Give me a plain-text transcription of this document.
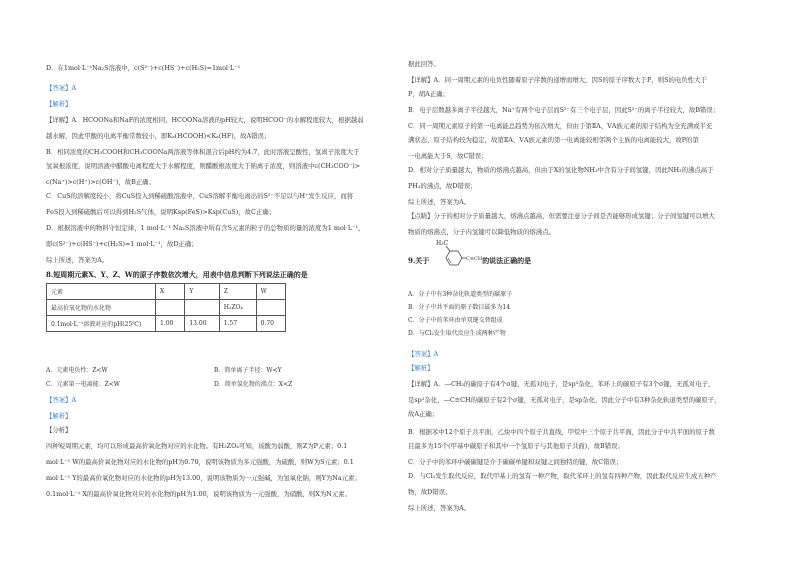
D．在1mol·L⁻¹Na₂S溶液中，c(S²⁻)+c(HS⁻)+c(H₂S)=1mol·L⁻¹
【答案】A
【解析】
【详解】A．HCOONa和NaF的浓度相同，HCOONa溶液的pH较大，说明HCOO⁻的水解程度较大，根据越弱
越水解，因此甲酸的电离平衡常数较小，即Kₐ(HCOOH)<Kₐ(HF)，故A错误；
B．相同浓度的CH₃COOH和CH₃COONa两溶液等体积混合后pH约为4.7，此时溶液呈酸性，氢离子浓度大于
氢氧根浓度，说明溶液中醋酸电离程度大于水解程度，则醋酸根浓度大于钠离子浓度，则溶液中c(CH₃COO⁻)>
c(Na⁺)>c(H⁺)>c(OH⁻)，故B正确；
C．CuS的溶解度较小，将CuS投入到稀硫酸溶液中，CuS溶解平衡电离出的S²⁻不足以与H⁺发生反应，而将
FeS投入到稀硫酸后可以得到H₂S气体，说明Ksp(FeS)>Ksp(CuS)，故C正确；
D．根据溶液中的物料守恒定律，1 mol·L⁻¹ Na₂S溶液中所有含S元素的粒子的总物质的量的浓度为1 mol·L⁻¹，
即c(S²⁻)+c(HS⁻)+c(H₂S)=1 mol·L⁻¹，故D正确；
综上所述，答案为A。
8.短周期元素X、Y、Z、W的原子序数依次增大，用表中信息判断下列说法正确的是
元素	X	Y	Z	W
最高价氧化物的水化物			H₃ZO₄	
0.1mol·L⁻¹溶液对应的pH(25℃)	1.00	13.00	1.57	0.70
A．元素电负性：Z<W	B．简单离子半径：W<Y
C．元素第一电离能：Z<W	D．简单氢化物的沸点：X<Z
【答案】A
【解析】
【分析】
四种短周期元素，均可以形成最高价氧化物对应的水化物。有H₃ZO₄可知，该酸为弱酸，则Z为P元素；0.1
mol·L⁻¹ W的最高价氧化物对应的水化物的pH为0.70，说明该物质为多元强酸，为硫酸，则W为S元素；0.1
mol·L⁻¹ Y的最高价氧化物对应的水化物的pH为13.00，说明该物质为一元强碱，为氢氧化钠，则Y为Na元素；
0.1mol·L⁻¹ X的最高价氧化物对应的水化物的pH为1.00，说明该物质为一元强酸，为硝酸，则X为N元素。
据此回答。
【详解】A．同一周期元素的电负性随着原子序数的递增而增大，因S的原子序数大于P，则S的电负性大于
P，胡A正确；
B．电子层数越多离子半径越大，Na⁺有两个电子层而S²⁻有三个电子层，因此S²⁻的离子半径较大，故B错误；
C．同一周期元素原子的第一电离能总趋势为依次增大，但由于第ⅡA、ⅤA族元素的原子结构为全充满或半充
满状态，原子结构较为稳定，故第ⅡA、ⅤA族元素的第一电离能较相邻两个主族的电离能较大，故P的第
一电离能大于S，故C错误；
D．相对分子质量越大，物质的熔沸点越高，但由于X的氢化物NH₃中含有分子间氢键，因此NH₃的沸点高于
PH₃的沸点，故D错误；
综上所述，答案为A。
【点睛】分子的相对分子质量越大，熔沸点越高，但需要注意分子间是否能够形成氢键；分子间氢键可以增大
物质的熔沸点，分子内氢键可以降低物质的熔沸点。
9.关于	的说法正确的是
H₃C
C≡CH
A．分子中有3种杂化轨道类型的碳原子
B．分子中共平面的原子数目最多为14
C．分子中的苯环由单双键交替组成
D．与Cl₂发生取代反应生成两种产物
【答案】A
【解析】
【详解】A．—CH₃的碳原子有4个σ键，无孤对电子，是sp³杂化，苯环上的碳原子有3个σ键，无孤对电子，
是sp²杂化，—C≡CH的碳原子有2个σ键，无孤对电子，是sp杂化，因此分子中有3种杂化轨道类型的碳原子，
故A正确；
B．根据苯中12个原子共平面，乙炔中四个原子共直线，甲烷中三个原子共平面，因此分子中共平面的原子数
目最多为15个(甲基中碳原子和其中一个氢原子与其他原子共面)，故B错误；
C．分子中的苯环中碳碳键是介于碳碳单键和双键之间独特的键，故C错误；
D．与Cl₂发生取代反应，取代甲基上的氢有一种产物，取代苯环上的氢有四种产物，因此取代反应生成五种产
物，故D错误。
综上所述，答案为A。
